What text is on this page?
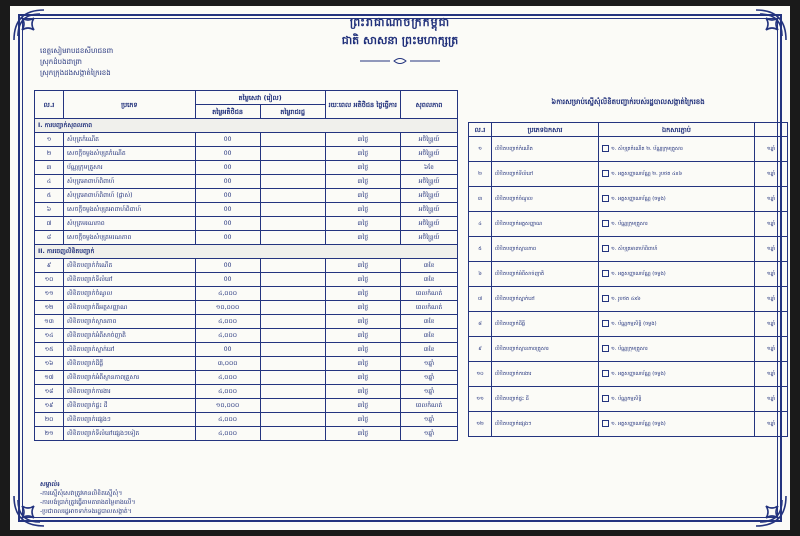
ព្រះរាជាណាចក្រកម្ពុជា
ជាតិ សាសនា ព្រះមហាក្សត្រ
ខេត្តសៀមរាបដខសីហជនពា
ស្រុកដំបងដាព្រា
ស្រុកក្រុងដងសង្កាត់ក្រៃរខង
ល.រ	ប្រភេទ	តម្លៃសេវា (រៀល)		រយៈពេល អតិថិជន ថ្ងៃធ្វើការ	សុពលភាព
		តម្លៃអតិថិជន	តម្លៃរាជរដ្ឋ		
I. ការបញ្ជាក់សុពលភាព					
១	សំបុត្រកំណើត	00		៣ថ្ងៃ	អចិន្ត្រៃយ៍
២	សេចក្ដីចម្លងសំបុត្រកំណើត	00		៣ថ្ងៃ	អចិន្ត្រៃយ៍
៣	ប័ណ្ណក្រុមគ្រួសារ	00		៣ថ្ងៃ	៦ខែ
៤	សំបុត្រអាពាហ៍ពិពាហ៍	00		៣ថ្ងៃ	អចិន្ត្រៃយ៍
៥	សំបុត្រអាពាហ៍ពិពាហ៍ (ផ្លាស់)	00		៣ថ្ងៃ	អចិន្ត្រៃយ៍
៦	សេចក្ដីចម្លងសំបុត្រអាពាហ៍ពិពាហ៍	00		៣ថ្ងៃ	អចិន្ត្រៃយ៍
៧	សំបុត្រមរណភាព	00		៣ថ្ងៃ	អចិន្ត្រៃយ៍
៨	សេចក្ដីចម្លងសំបុត្រមរណភាព	00		៣ថ្ងៃ	អចិន្ត្រៃយ៍
II. ការចេញលិខិតបញ្ជាក់					
៩	លិខិតបញ្ជាក់កំណើត	00		៣ថ្ងៃ	៣ខែ
១០	លិខិតបញ្ជាក់ទីលំនៅ	00		៣ថ្ងៃ	៣ខែ
១១	លិខិតបញ្ជាក់ចំណូល	៤,០០០		៣ថ្ងៃ	ពេលកំណត់
១២	លិខិតបញ្ជាក់ពីអត្តសញ្ញាណ	១០,០០០		៣ថ្ងៃ	ពេលកំណត់
១៣	លិខិតបញ្ជាក់ស្ថានភាព	៤,០០០		៣ថ្ងៃ	៣ខែ
១៤	លិខិតបញ្ជាក់អំពីសាច់ញាតិ	៤,០០០		៣ថ្ងៃ	៣ខែ
១៥	លិខិតបញ្ជាក់ស្នាក់នៅ	00		៣ថ្ងៃ	៣ខែ
១៦	លិខិតបញ្ជាក់ដីធ្លី	៣,០០០		៣ថ្ងៃ	១ឆ្នាំ
១៧	លិខិតបញ្ជាក់អំពីស្ថានភាពគ្រួសារ	៤,០០០		៣ថ្ងៃ	១ឆ្នាំ
១៨	លិខិតបញ្ជាក់ការងារ	៤,០០០		៣ថ្ងៃ	១ឆ្នាំ
១៩	លិខិតបញ្ជាក់ផ្ទះ ដី	១០,០០០		៣ថ្ងៃ	ពេលកំណត់
២០	លិខិតបញ្ជាក់ផ្សេងៗ	៤,០០០		៣ថ្ងៃ	១ឆ្នាំ
២១	លិខិតបញ្ជាក់ទីលំនៅផ្សេងៗទៀត	៤,០០០		៣ថ្ងៃ	១ឆ្នាំ
៦ការសម្រាប់ស្នើសុំលិខិតបញ្ជាក់របស់រដ្ឋបាលសង្កាត់ក្រៃរខង
ល.រ	ប្រភេទឯកសារ	ឯកសារភ្ជាប់	
១	លិខិតបញ្ជាក់កំណើត	១. សំបុត្រកំណើត ២. ប័ណ្ណក្រុមគ្រួសារ	១ឆ្នាំ
២	លិខិតបញ្ជាក់ទីលំនៅ	១. អត្តសញ្ញាណប័ណ្ណ ២. រូបថត ៤x៦	១ឆ្នាំ
៣	លិខិតបញ្ជាក់ចំណូល	១. អត្តសញ្ញាណប័ណ្ណ (ចម្លង)	១ឆ្នាំ
៤	លិខិតបញ្ជាក់អត្តសញ្ញាណ	១. ប័ណ្ណក្រុមគ្រួសារ	១ឆ្នាំ
៥	លិខិតបញ្ជាក់ស្ថានភាព	១. សំបុត្រអាពាហ៍ពិពាហ៍	១ឆ្នាំ
៦	លិខិតបញ្ជាក់អំពីសាច់ញាតិ	១. អត្តសញ្ញាណប័ណ្ណ (ចម្លង)	១ឆ្នាំ
៧	លិខិតបញ្ជាក់ស្នាក់នៅ	១. រូបថត ៤x៦	១ឆ្នាំ
៨	លិខិតបញ្ជាក់ដីធ្លី	១. ប័ណ្ណកម្មសិទ្ធិ (ចម្លង)	១ឆ្នាំ
៩	លិខិតបញ្ជាក់ស្ថានភាពគ្រួសារ	១. ប័ណ្ណក្រុមគ្រួសារ	១ឆ្នាំ
១០	លិខិតបញ្ជាក់ការងារ	១. អត្តសញ្ញាណប័ណ្ណ (ចម្លង)	១ឆ្នាំ
១១	លិខិតបញ្ជាក់ផ្ទះ ដី	១. ប័ណ្ណកម្មសិទ្ធិ	១ឆ្នាំ
១២	លិខិតបញ្ជាក់ផ្សេងៗ	១. អត្តសញ្ញាណប័ណ្ណ (ចម្លង)	១ឆ្នាំ
សម្គាល់៖
-ការស្នើសុំសេវាត្រូវមានលិខិតស្នើសុំ។
-ការបង់ប្រាក់ត្រូវធ្វើតាមតារាងតម្លៃខាងលើ។
-ប្រជាពលរដ្ឋអាចទាក់ទងរដ្ឋបាលសង្កាត់។
